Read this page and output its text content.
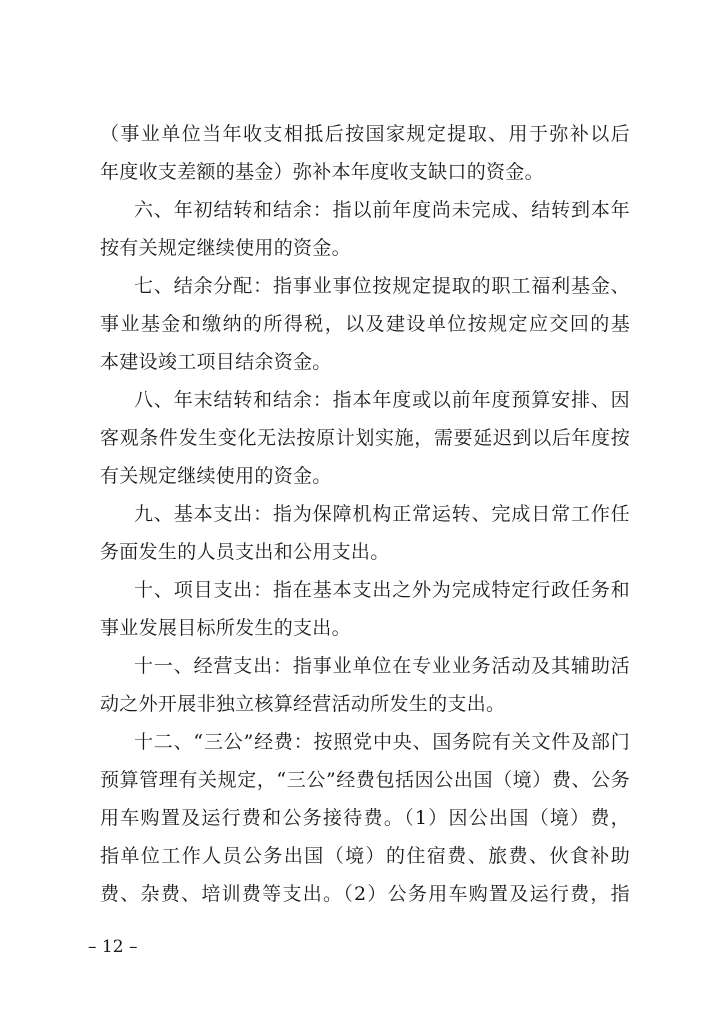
（事业单位当年收支相抵后按国家规定提取、用于弥补以后
年度收支差额的基金）弥补本年度收支缺口的资金。
六、年初结转和结余：指以前年度尚未完成、结转到本年
按有关规定继续使用的资金。
七、结余分配：指事业事位按规定提取的职工福利基金、
事业基金和缴纳的所得税，以及建设单位按规定应交回的基
本建设竣工项目结余资金。
八、年末结转和结余：指本年度或以前年度预算安排、因
客观条件发生变化无法按原计划实施，需要延迟到以后年度按
有关规定继续使用的资金。
九、基本支出：指为保障机构正常运转、完成日常工作任
务面发生的人员支出和公用支出。
十、项目支出：指在基本支出之外为完成特定行政任务和
事业发展目标所发生的支出。
十一、经营支出：指事业单位在专业业务活动及其辅助活
动之外开展非独立核算经营活动所发生的支出。
十二、“三公”经费：按照党中央、国务院有关文件及部门
预算管理有关规定，“三公”经费包括因公出国（境）费、公务
用车购置及运行费和公务接待费。（1）因公出国（境）费，
指单位工作人员公务出国（境）的住宿费、旅费、伙食补助
费、杂费、培训费等支出。（2）公务用车购置及运行费，指
– 12 –
